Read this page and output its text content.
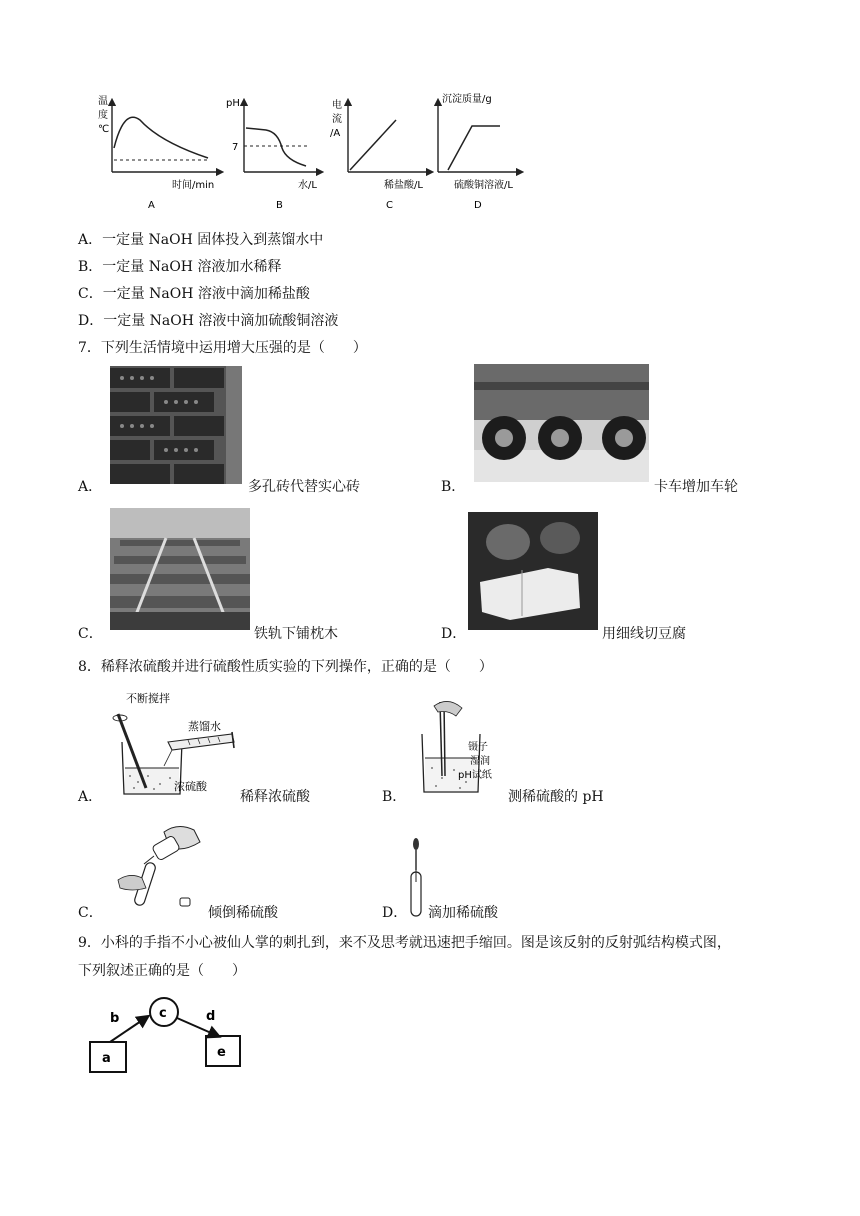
温
度
℃
时间/min
A
pH
7
水/L
B
电
流
/A
稀盐酸/L
C
沉淀质量/g
硫酸铜溶液/L
D
A．一定量 NaOH 固体投入到蒸馏水中
B．一定量 NaOH 溶液加水稀释
C．一定量 NaOH 溶液中滴加稀盐酸
D．一定量 NaOH 溶液中滴加硫酸铜溶液
7．下列生活情境中运用增大压强的是（　　）
A．	多孔砖代替实心砖	B．	卡车增加车轮
C．	铁轨下铺枕木	D．	用细线切豆腐
8．稀释浓硫酸并进行硫酸性质实验的下列操作，正确的是（　　）
不断搅拌
蒸馏水
浓硫酸
A．	稀释浓硫酸
镊子
湿润
pH试纸
B．	测稀硫酸的 pH
C．	倾倒稀硫酸	D． 滴加稀硫酸
9．小科的手指不小心被仙人掌的刺扎到，来不及思考就迅速把手缩回。图是该反射的反射弧结构模式图，
下列叙述正确的是（　　）
a
b	c	d
e
